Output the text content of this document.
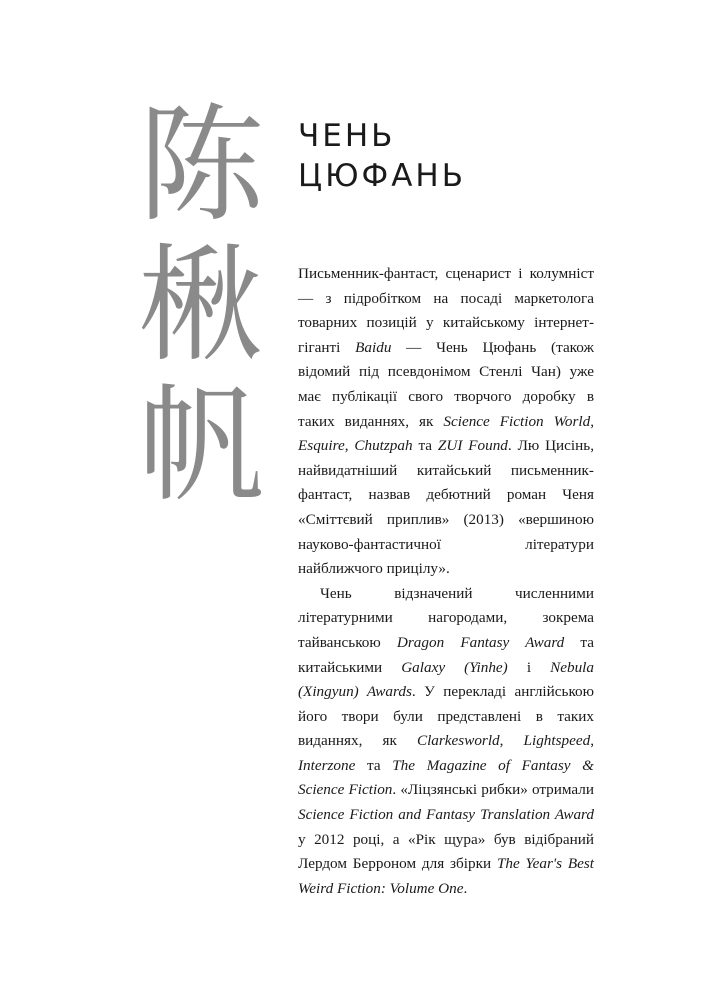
陈
楸
帆
ЧЕНЬ
ЦЮФАНЬ

Письменник-фантаст, сценарист і колумніст — з підробітком на посаді маркетолога товарних позицій у китайському інтернет-гіганті Baidu — Чень Цюфань (також відомий під псевдонімом Стенлі Чан) уже має публікації свого творчого доробку в таких виданнях, як Science Fiction World, Esquire, Chutzpah та ZUI Found. Лю Цисінь, найвидатніший китайський письменник-фантаст, назвав дебютний роман Ченя «Сміттєвий приплив» (2013) «вершиною науково-фантастичної літератури найближчого прицілу».

Чень відзначений численними літературними нагородами, зокрема тайванською Dragon Fantasy Award та китайськими Galaxy (Yinhe) і Nebula (Xingyun) Awards. У перекладі англійською його твори були представлені в таких виданнях, як Clarkesworld, Lightspeed, Interzone та The Magazine of Fantasy & Science Fiction. «Ліцзянські рибки» отримали Science Fiction and Fantasy Translation Award у 2012 році, а «Рік щура» був відібраний Лердом Берроном для збірки The Year's Best Weird Fiction: Volume One.
